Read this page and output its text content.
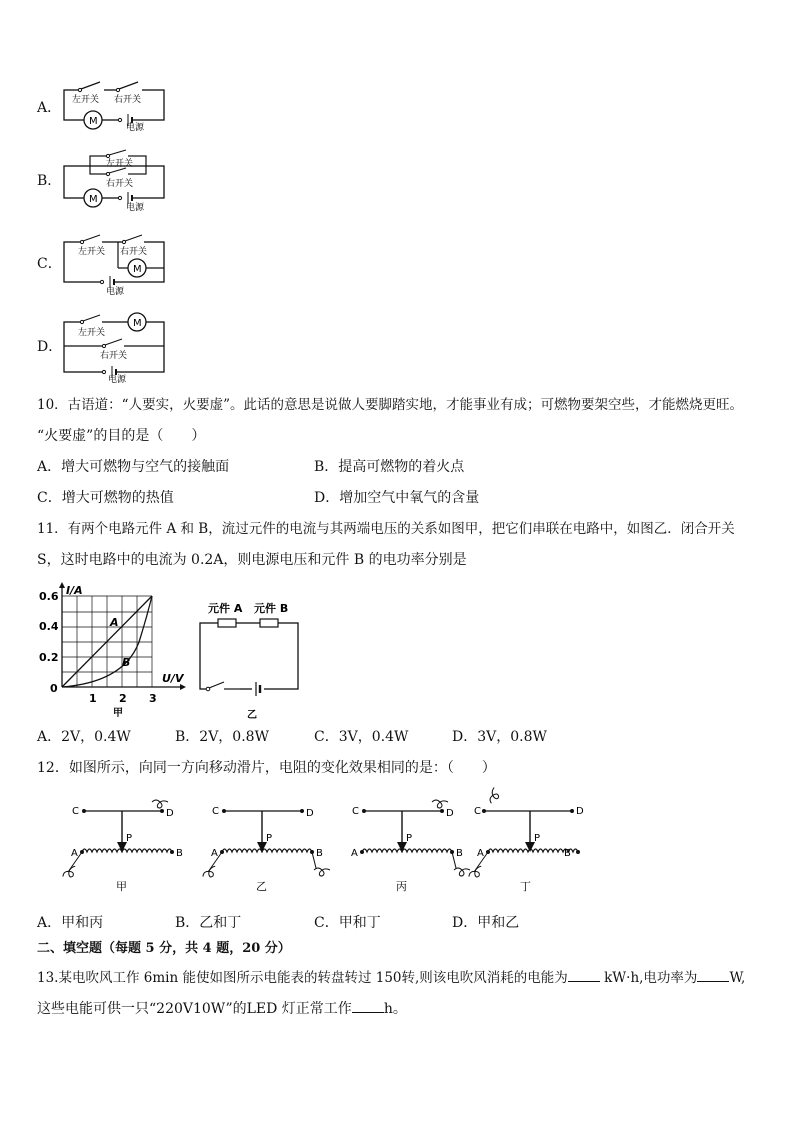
A． 左开关 右开关
M
电源
B．
左开关
右开关
M
电源
C．
左开关 右开关
M
电源
D．
左开关
M
右开关
电源
10．古语道：“人要实，火要虚”。此话的意思是说做人要脚踏实地，才能事业有成；可燃物要架空些，才能燃烧更旺。
“火要虚”的目的是（　　）
A．增大可燃物与空气的接触面	B．提高可燃物的着火点
C．增大可燃物的热值	D．增加空气中氧气的含量
11．有两个电路元件 A 和 B，流过元件的电流与其两端电压的关系如图甲，把它们串联在电路中，如图乙．闭合开关
S，这时电路中的电流为 0.2A，则电源电压和元件 B 的电功率分别是
I/A
U/V
0.6
0.4
0.2
0
1 2 3
A
B
甲
元件 A 元件 B
乙
A．2V，0.4W	B．2V，0.8W	C．3V，0.4W	D．3V，0.8W
12．如图所示，向同一方向移动滑片，电阻的变化效果相同的是：（　　）
C	D
P
A	B
甲
C	D
P
A	B
乙
C	D
P
A	B
丙
C	D
P
A	B
丁
A．甲和丙	B．乙和丁	C．甲和丁	D．甲和乙
二、填空题（每题 5 分，共 4 题，20 分）
13.某电吹风工作 6min 能使如图所示电能表的转盘转过 150转,则该电吹风消耗的电能为 kW·h,电功率为 W,
这些电能可供一只“220V10W”的LED 灯正常工作 h。
